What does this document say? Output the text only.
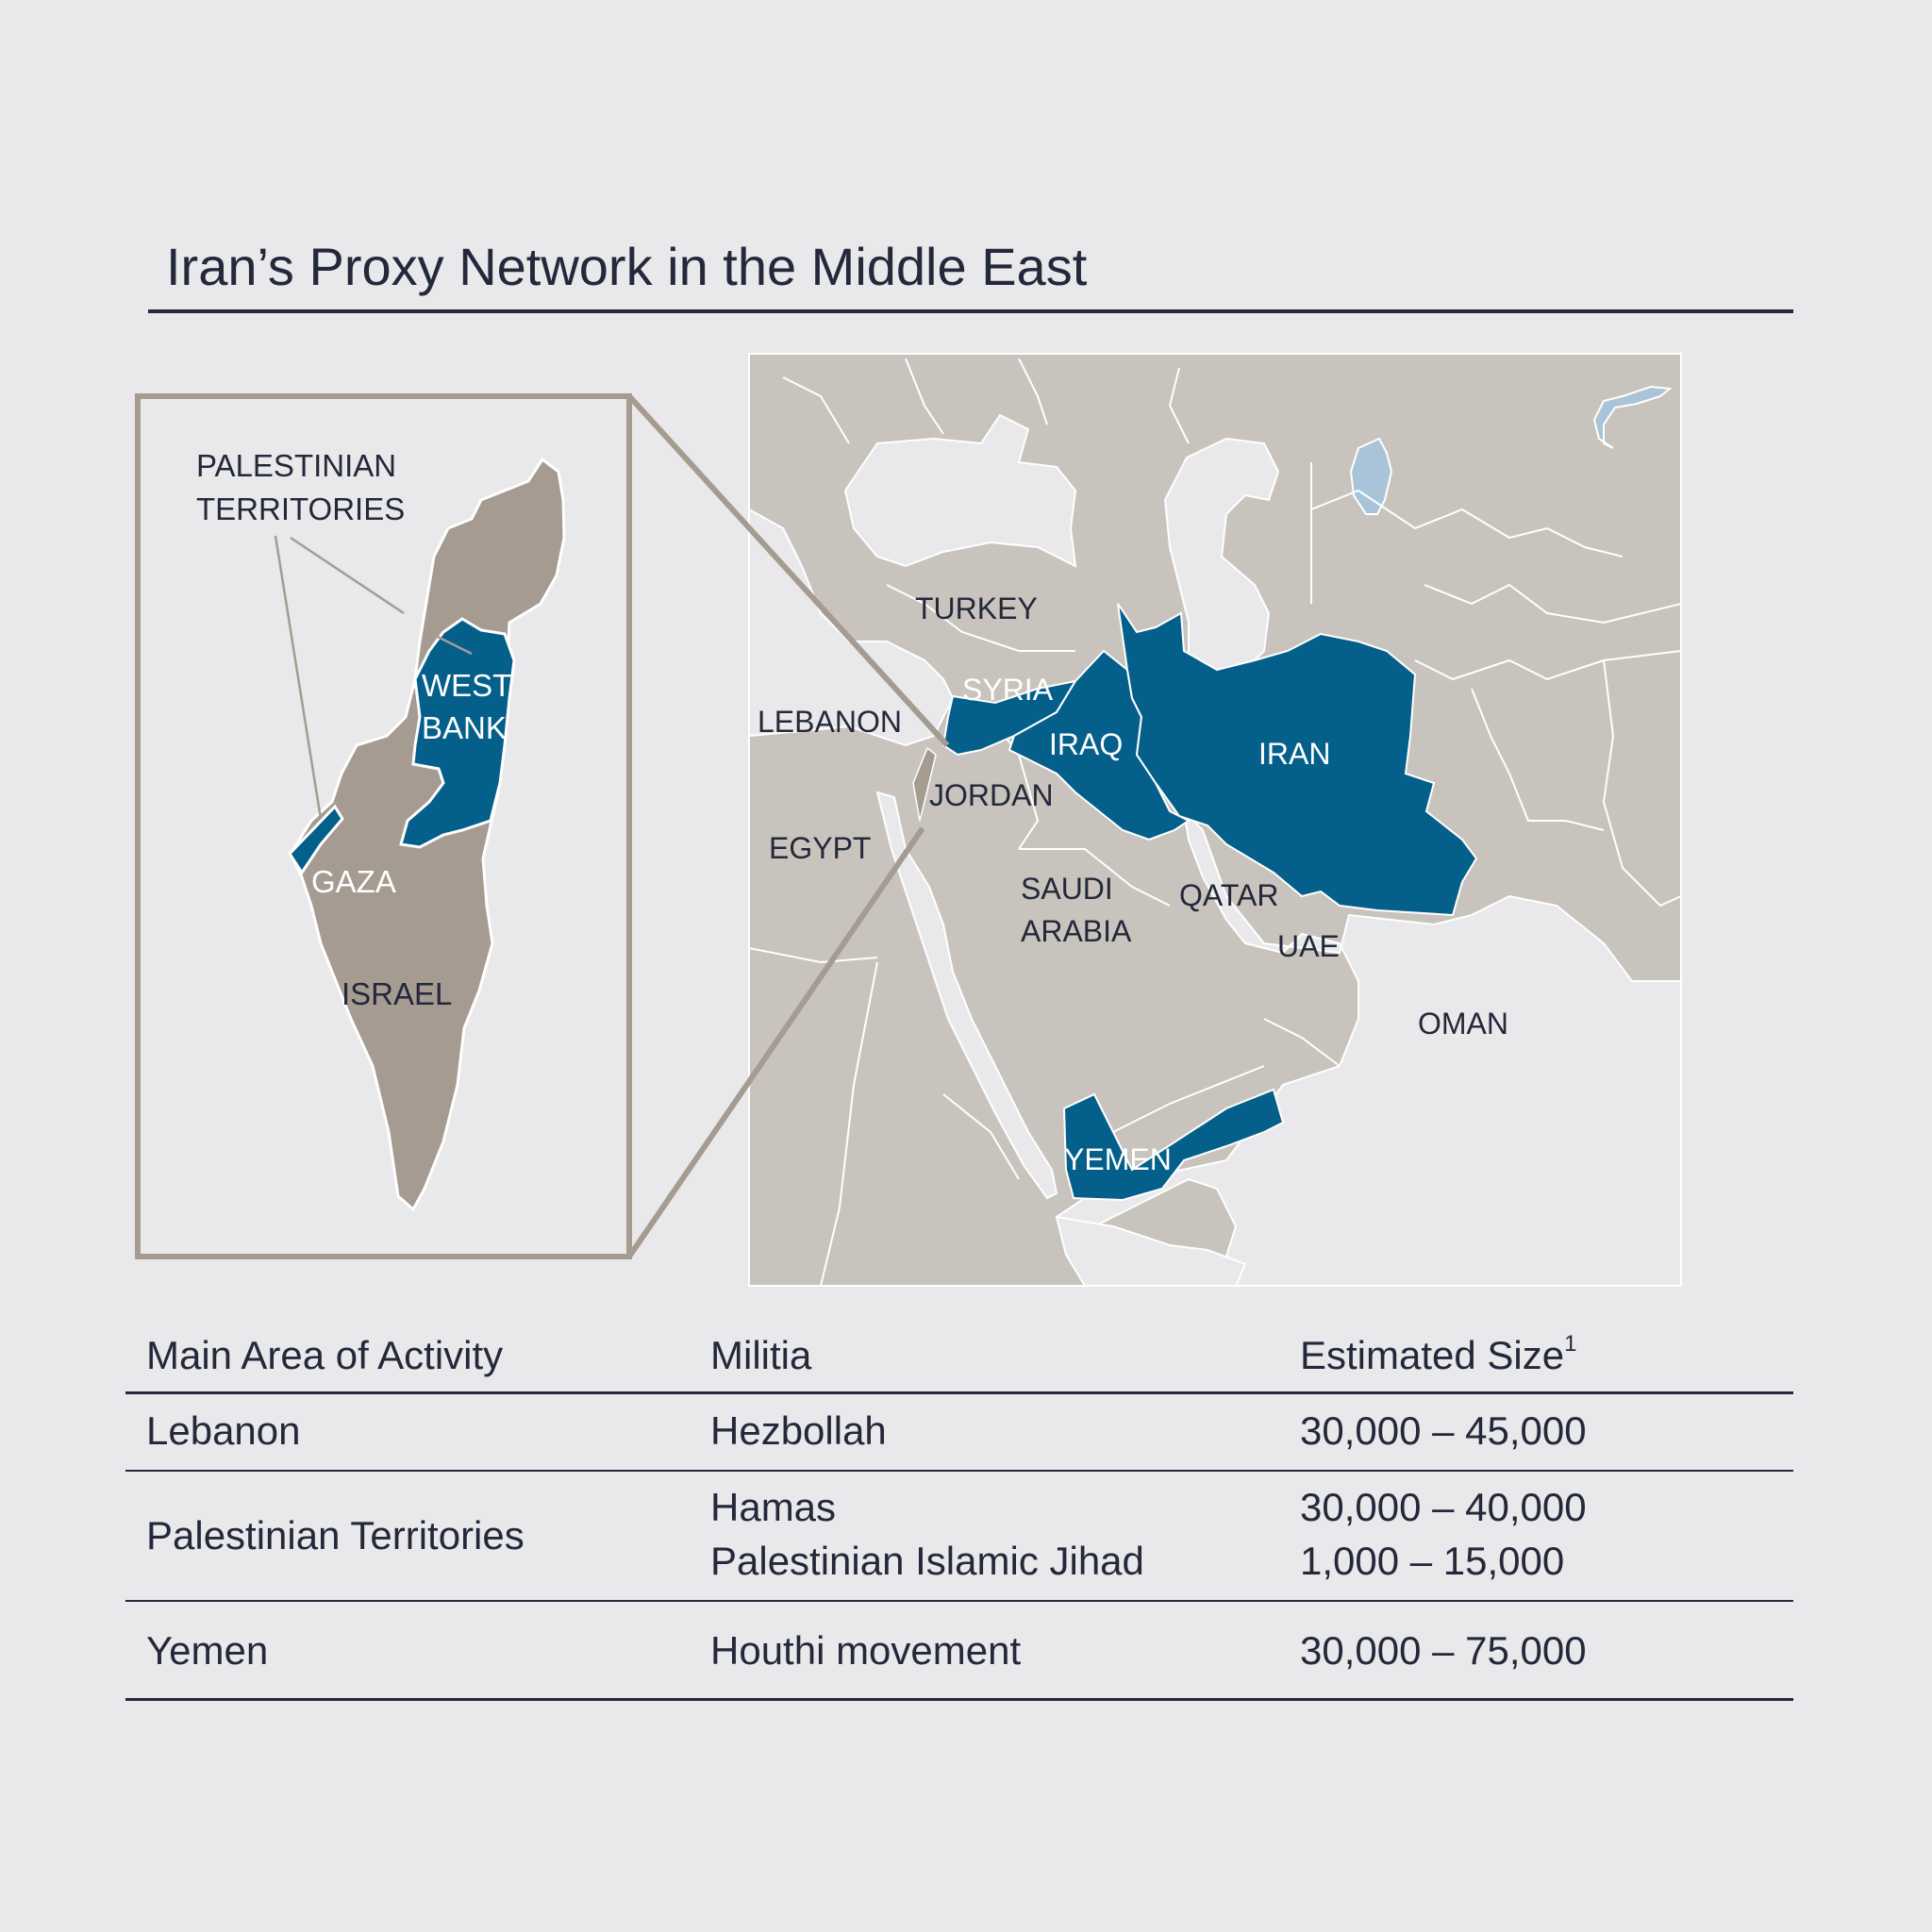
Iran’s Proxy Network in the Middle East
TURKEY
SYRIA
LEBANON
IRAQ	IRAN
JORDAN
EGYPT
SAUDI
ARABIA
QATAR
UAE
OMAN
YEMEN
PALESTINIAN
TERRITORIES
WEST
BANK
GAZA
ISRAEL
Main Area of Activity	Militia	Estimated Size$^1$
Lebanon	Hezbollah	30,000 – 45,000
Palestinian Territories
Hamas	30,000 – 40,000
Palestinian Islamic Jihad	1,000 – 15,000
Yemen	Houthi movement	30,000 – 75,000
